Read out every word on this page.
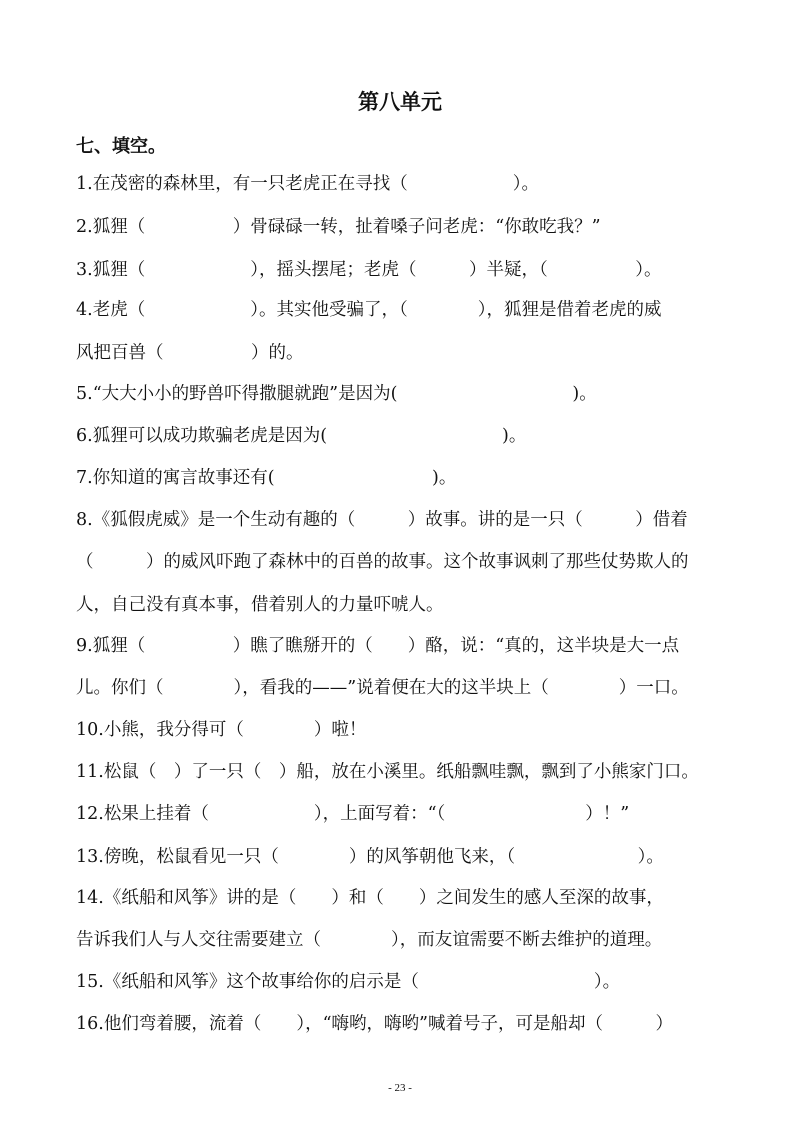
第八单元
七、填空。
1.在茂密的森林里，有一只老虎正在寻找（　　　　　　）。
2.狐狸（　　　　　）骨碌碌一转，扯着嗓子问老虎：“你敢吃我？”
3.狐狸（　　　　　　），摇头摆尾；老虎（　　　）半疑，（　　　　　）。
4.老虎（　　　　　　）。其实他受骗了，（　　　　），狐狸是借着老虎的威
风把百兽（　　　　　）的。
5.“大大小小的野兽吓得撒腿就跑”是因为(　　　　　　　　　　)。
6.狐狸可以成功欺骗老虎是因为(　　　　　　　　　　)。
7.你知道的寓言故事还有(　　　　　　　　　)。
8.《狐假虎威》是一个生动有趣的（　　　）故事。讲的是一只（　　　）借着
（　　　）的威风吓跑了森林中的百兽的故事。这个故事讽刺了那些仗势欺人的
人，自己没有真本事，借着别人的力量吓唬人。
9.狐狸（　　　　　）瞧了瞧掰开的（　　）酪，说：“真的，这半块是大一点
儿。你们（　　　　），看我的——”说着便在大的这半块上（　　　　）一口。
10.小熊，我分得可（　　　　）啦！
11.松鼠（　）了一只（　）船，放在小溪里。纸船飘哇飘，飘到了小熊家门口。
12.松果上挂着（　　　　　　），上面写着：“（　　　　　　　　）！”
13.傍晚，松鼠看见一只（　　　　）的风筝朝他飞来，（　　　　　　　）。
14.《纸船和风筝》讲的是（　　）和（　　）之间发生的感人至深的故事，
告诉我们人与人交往需要建立（　　　　），而友谊需要不断去维护的道理。
15.《纸船和风筝》这个故事给你的启示是（　　　　　　　　　　）。
16.他们弯着腰，流着（　　），“嗨哟，嗨哟”喊着号子，可是船却（　　　）
- 23 -
